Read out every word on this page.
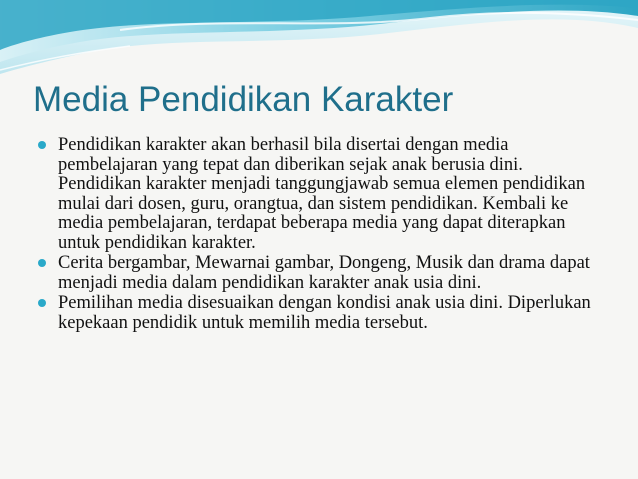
Media Pendidikan Karakter
Pendidikan karakter akan berhasil bila disertai dengan media pembelajaran yang tepat dan diberikan sejak anak berusia dini. Pendidikan karakter menjadi tanggungjawab semua elemen pendidikan mulai dari dosen, guru, orangtua, dan sistem pendidikan. Kembali ke media pembelajaran, terdapat beberapa media yang dapat diterapkan untuk pendidikan karakter.
Cerita bergambar, Mewarnai gambar, Dongeng, Musik dan drama dapat menjadi media dalam pendidikan karakter anak usia dini.
Pemilihan media disesuaikan dengan kondisi anak usia dini. Diperlukan kepekaan pendidik untuk memilih media tersebut.
